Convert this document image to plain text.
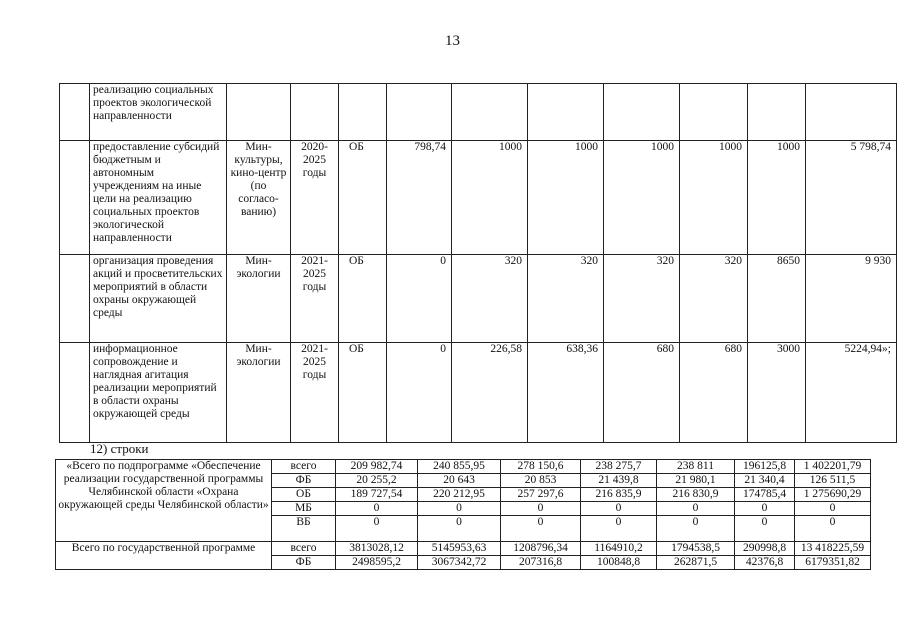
13
	реализацию социальных проектов экологической направленности										
	предоставление субсидий бюджетным и автономным учреждениям на иные цели на реализацию социальных проектов экологической направленности	Мин-культуры, кино-центр (по согласо-ванию)	2020-2025 годы	ОБ	798,74	1000	1000	1000	1000	1000	5 798,74
	организация проведения акций и просветительских мероприятий в области охраны окружающей среды	Мин-экологии	2021-2025 годы	ОБ	0	320	320	320	320	8650	9 930
	информационное сопровождение и наглядная агитация реализации мероприятий в области охраны окружающей среды	Мин-экологии	2021-2025 годы	ОБ	0	226,58	638,36	680	680	3000	5224,94»;
12) строки
«Всего по подпрограмме «Обеспечение реализации государственной программы Челябинской области «Охрана окружающей среды Челябинской области»	всего	209 982,74	240 855,95	278 150,6	238 275,7	238 811	196125,8	1 402201,79
	ФБ	20 255,2	20 643	20 853	21 439,8	21 980,1	21 340,4	126 511,5
	ОБ	189 727,54	220 212,95	257 297,6	216 835,9	216 830,9	174785,4	1 275690,29
	МБ	0	0	0	0	0	0	0
	ВБ	0	0	0	0	0	0	0
Всего по государственной программе	всего	3813028,12	5145953,63	1208796,34	1164910,2	1794538,5	290998,8	13 418225,59
	ФБ	2498595,2	3067342,72	207316,8	100848,8	262871,5	42376,8	6179351,82
